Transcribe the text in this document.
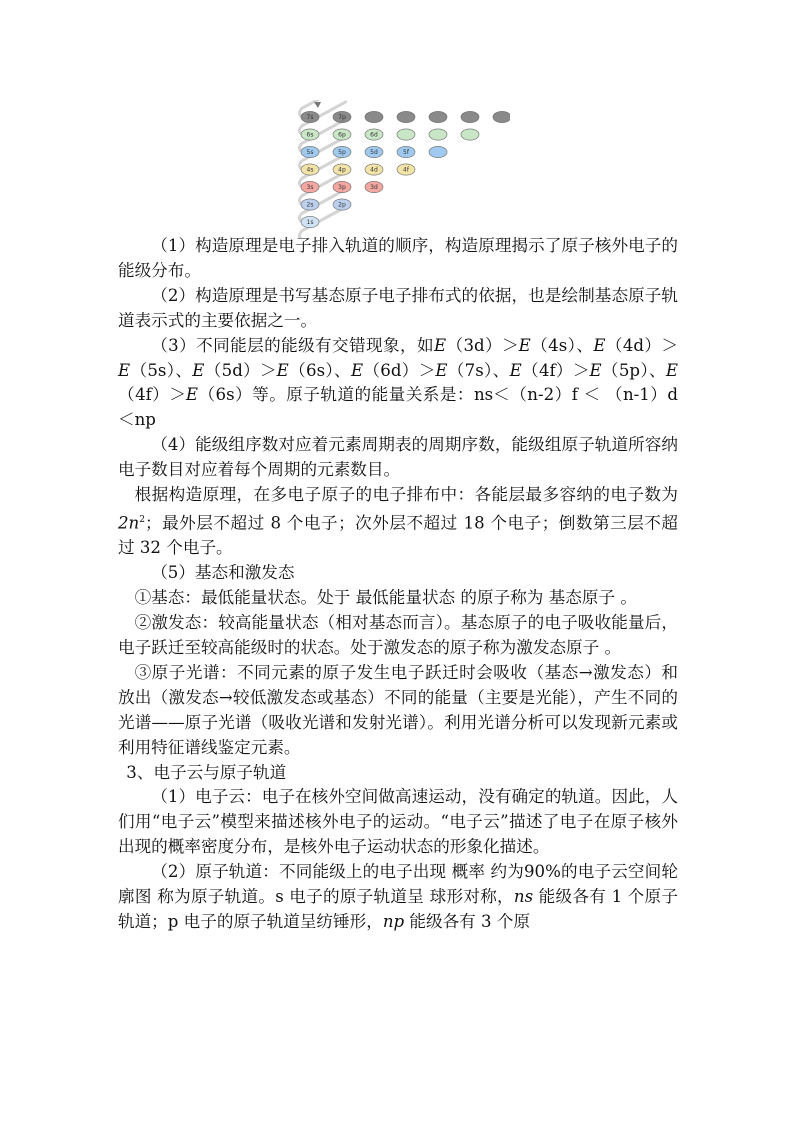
7s	7p
6s	6p	6d
5s	5p	5d	5f
4s	4p	4d	4f
3s	3p	3d
2s	2p
1s

（1）构造原理是电子排入轨道的顺序，构造原理揭示了原子核外电子的能级分布。

（2）构造原理是书写基态原子电子排布式的依据，也是绘制基态原子轨道表示式的主要依据之一。

（3）不同能层的能级有交错现象，如E（3d）＞E（4s）、E（4d）＞E（5s）、E（5d）＞E（6s）、E（6d）＞E（7s）、E（4f）＞E（5p）、E（4f）＞E（6s）等。原子轨道的能量关系是：ns＜（n-2）f ＜ （n-1）d ＜np

（4）能级组序数对应着元素周期表的周期序数，能级组原子轨道所容纳电子数目对应着每个周期的元素数目。

根据构造原理，在多电子原子的电子排布中：各能层最多容纳的电子数为$2n^2$；最外层不超过 8 个电子；次外层不超过 18 个电子；倒数第三层不超过 32 个电子。

（5）基态和激发态

①基态：最低能量状态。处于 最低能量状态 的原子称为 基态原子 。

②激发态：较高能量状态（相对基态而言）。基态原子的电子吸收能量后，电子跃迁至较高能级时的状态。处于激发态的原子称为激发态原子 。

③原子光谱：不同元素的原子发生电子跃迁时会吸收（基态→激发态）和放出（激发态→较低激发态或基态）不同的能量（主要是光能），产生不同的光谱——原子光谱（吸收光谱和发射光谱）。利用光谱分析可以发现新元素或利用特征谱线鉴定元素。

3、电子云与原子轨道

（1）电子云：电子在核外空间做高速运动，没有确定的轨道。因此，人们用“电子云”模型来描述核外电子的运动。“电子云”描述了电子在原子核外出现的概率密度分布，是核外电子运动状态的形象化描述。

（2）原子轨道：不同能级上的电子出现 概率 约为90%的电子云空间轮廓图 称为原子轨道。s 电子的原子轨道呈 球形对称，ns 能级各有 1 个原子轨道；p 电子的原子轨道呈纺锤形，np 能级各有 3 个原
